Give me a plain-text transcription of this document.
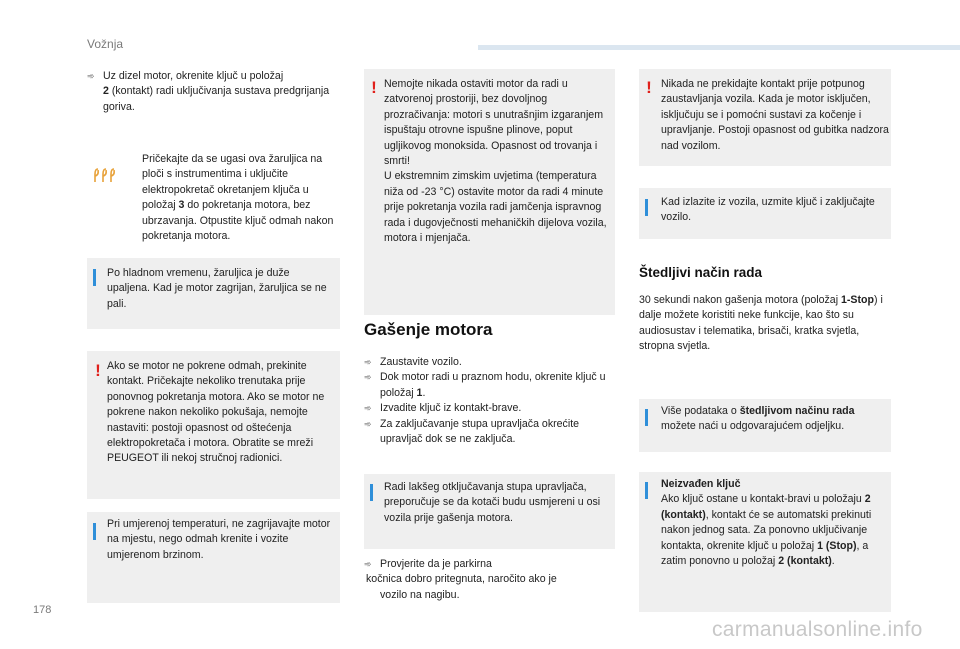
Vožnja
➾ Uz dizel motor, okrenite ključ u položaj
2 (kontakt) radi uključivanja sustava predgrijanja goriva.
Pričekajte da se ugasi ova žaruljica na ploči s instrumentima i uključite elektropokretač okretanjem ključa u položaj 3 do pokretanja motora, bez ubrzavanja. Otpustite ključ odmah nakon pokretanja motora.
Po hladnom vremenu, žaruljica je duže upaljena. Kad je motor zagrijan, žaruljica se ne pali.
! Ako se motor ne pokrene odmah, prekinite kontakt. Pričekajte nekoliko trenutaka prije ponovnog pokretanja motora. Ako se motor ne pokrene nakon nekoliko pokušaja, nemojte nastaviti: postoji opasnost od oštećenja elektropokretača i motora. Obratite se mreži PEUGEOT ili nekoj stručnoj radionici.
Pri umjerenoj temperaturi, ne zagrijavajte motor na mjestu, nego odmah krenite i vozite umjerenom brzinom.
! Nemojte nikada ostaviti motor da radi u zatvorenoj prostoriji, bez dovoljnog prozračivanja: motori s unutrašnjim izgaranjem ispuštaju otrovne ispušne plinove, poput ugljikovog monoksida. Opasnost od trovanja i smrti!
U ekstremnim zimskim uvjetima (temperatura niža od -23 °C) ostavite motor da radi 4 minute prije pokretanja vozila radi jamčenja ispravnog rada i dugovječnosti mehaničkih dijelova vozila, motora i mjenjača.
Gašenje motora
➾ Zaustavite vozilo.
➾ Dok motor radi u praznom hodu, okrenite ključ u položaj 1.
➾ Izvadite ključ iz kontakt-brave.
➾ Za zaključavanje stupa upravljača okrećite upravljač dok se ne zaključa.
Radi lakšeg otključavanja stupa upravljača, preporučuje se da kotači budu usmjereni u osi vozila prije gašenja motora.
➾ Provjerite da je parkirna
kočnica dobro pritegnuta, naročito ako je
vozilo na nagibu.
! Nikada ne prekidajte kontakt prije potpunog zaustavljanja vozila. Kada je motor isključen, isključuju se i pomoćni sustavi za kočenje i upravljanje. Postoji opasnost od gubitka nadzora nad vozilom.
Kad izlazite iz vozila, uzmite ključ i zaključajte vozilo.
Štedljivi način rada
30 sekundi nakon gašenja motora (položaj 1-Stop) i dalje možete koristiti neke funkcije, kao što su audiosustav i telematika, brisači, kratka svjetla, stropna svjetla.
Više podataka o štedljivom načinu rada možete naći u odgovarajućem odjeljku.
Neizvađen ključ
Ako ključ ostane u kontakt-bravi u položaju 2 (kontakt), kontakt će se automatski prekinuti nakon jednog sata. Za ponovno uključivanje kontakta, okrenite ključ u položaj 1 (Stop), a zatim ponovno u položaj 2 (kontakt).
178
carmanualsonline.info
